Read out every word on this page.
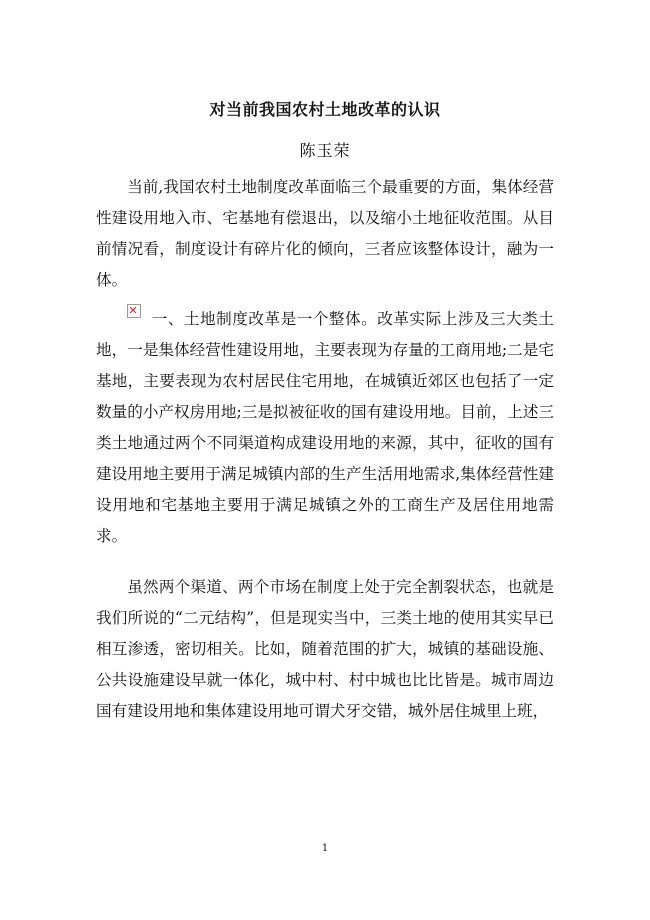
对当前我国农村土地改革的认识
陈玉荣

当前,我国农村土地制度改革面临三个最重要的方面，集体经营性建设用地入市、宅基地有偿退出，以及缩小土地征收范围。从目前情况看，制度设计有碎片化的倾向，三者应该整体设计，融为一体。

一、土地制度改革是一个整体。改革实际上涉及三大类土地，一是集体经营性建设用地，主要表现为存量的工商用地;二是宅基地，主要表现为农村居民住宅用地，在城镇近郊区也包括了一定数量的小产权房用地;三是拟被征收的国有建设用地。目前，上述三类土地通过两个不同渠道构成建设用地的来源，其中，征收的国有建设用地主要用于满足城镇内部的生产生活用地需求,集体经营性建设用地和宅基地主要用于满足城镇之外的工商生产及居住用地需求。

虽然两个渠道、两个市场在制度上处于完全割裂状态，也就是我们所说的“二元结构”，但是现实当中，三类土地的使用其实早已相互渗透，密切相关。比如，随着范围的扩大，城镇的基础设施、公共设施建设早就一体化，城中村、村中城也比比皆是。城市周边国有建设用地和集体建设用地可谓犬牙交错，城外居住城里上班，

1
